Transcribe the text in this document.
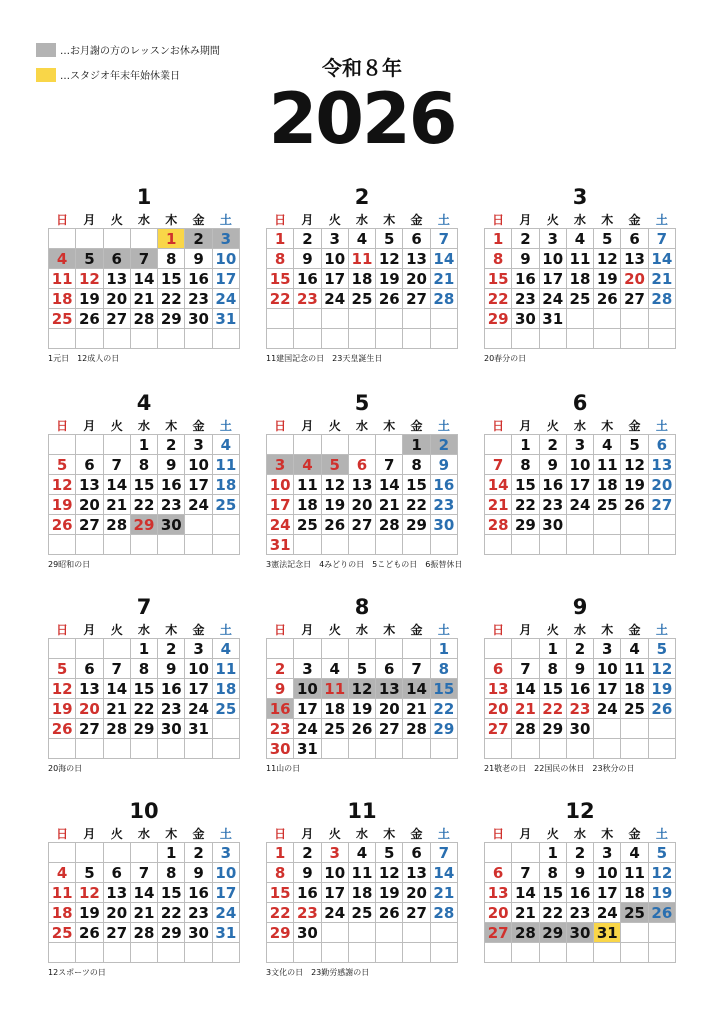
…お月謝の方のレッスンお休み期間
…スタジオ年末年始休業日	令和８年
2026
1
日	月	火	水	木	金	土
				1	2	3
4	5	6	7	8	9	10
11	12	13	14	15	16	17
18	19	20	21	22	23	24
25	26	27	28	29	30	31

1元日　12成人の日
2
日	月	火	水	木	金	土
1	2	3	4	5	6	7
8	9	10	11	12	13	14
15	16	17	18	19	20	21
22	23	24	25	26	27	28

11建国記念の日　23天皇誕生日
3
日	月	火	水	木	金	土
1	2	3	4	5	6	7
8	9	10	11	12	13	14
15	16	17	18	19	20	21
22	23	24	25	26	27	28
29	30	31				

20春分の日
4
日	月	火	水	木	金	土
			1	2	3	4
5	6	7	8	9	10	11
12	13	14	15	16	17	18
19	20	21	22	23	24	25
26	27	28	29	30		

29昭和の日
5
日	月	火	水	木	金	土
					1	2
3	4	5	6	7	8	9
10	11	12	13	14	15	16
17	18	19	20	21	22	23
24	25	26	27	28	29	30
31						
3憲法記念日　4みどりの日　5こどもの日　6振替休日
6
日	月	火	水	木	金	土
	1	2	3	4	5	6
7	8	9	10	11	12	13
14	15	16	17	18	19	20
21	22	23	24	25	26	27
28	29	30				

7
日	月	火	水	木	金	土
			1	2	3	4
5	6	7	8	9	10	11
12	13	14	15	16	17	18
19	20	21	22	23	24	25
26	27	28	29	30	31	

20海の日
8
日	月	火	水	木	金	土
						1
2	3	4	5	6	7	8
9	10	11	12	13	14	15
16	17	18	19	20	21	22
23	24	25	26	27	28	29
30	31					
11山の日
9
日	月	火	水	木	金	土
		1	2	3	4	5
6	7	8	9	10	11	12
13	14	15	16	17	18	19
20	21	22	23	24	25	26
27	28	29	30			

21敬老の日　22国民の休日　23秋分の日
10
日	月	火	水	木	金	土
				1	2	3
4	5	6	7	8	9	10
11	12	13	14	15	16	17
18	19	20	21	22	23	24
25	26	27	28	29	30	31

12スポーツの日
11
日	月	火	水	木	金	土
1	2	3	4	5	6	7
8	9	10	11	12	13	14
15	16	17	18	19	20	21
22	23	24	25	26	27	28
29	30					

3文化の日　23勤労感謝の日
12
日	月	火	水	木	金	土
		1	2	3	4	5
6	7	8	9	10	11	12
13	14	15	16	17	18	19
20	21	22	23	24	25	26
27	28	29	30	31		
